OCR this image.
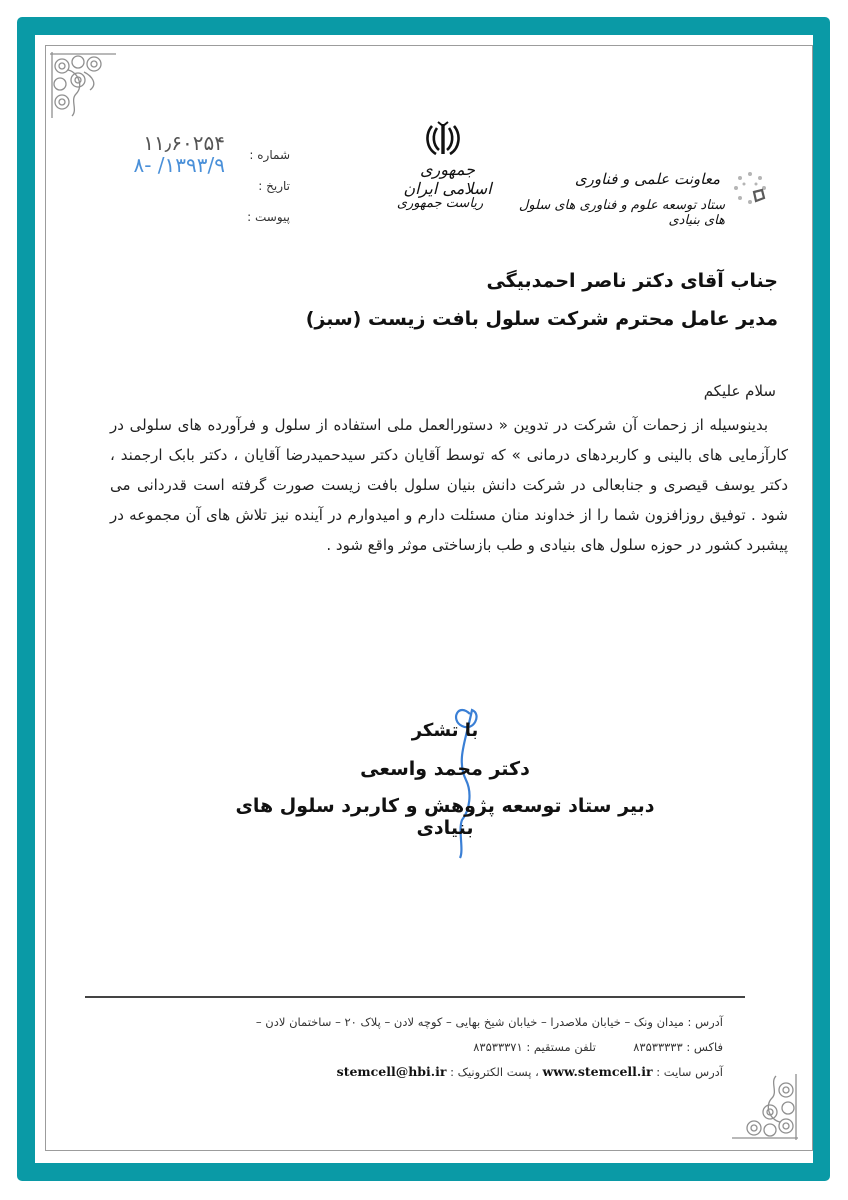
۱۱٫۶۰۲۵۴
۱۳۹۳/۹/ -۸	شماره :
تاریخ :
پیوست :
جمهوری اسلامی ایران
ریاست جمهوری
معاونت علمی و فناوری
ستاد توسعه علوم و فناوری های سلول های بنیادی
جناب آقای دکتر ناصر احمدبیگی
مدیر عامل محترم شرکت سلول بافت زیست (سبز)
سلام علیکم
بدینوسیله از زحمات آن شرکت در تدوین « دستورالعمل ملی استفاده از سلول و فرآورده های سلولی در کارآزمایی های بالینی و کاربردهای درمانی » که توسط آقایان دکتر سیدحمیدرضا آقایان ، دکتر بابک ارجمند ، دکتر یوسف قیصری و جنابعالی در شرکت دانش بنیان سلول بافت زیست صورت گرفته است قدردانی می شود . توفیق روزافزون شما را از خداوند منان مسئلت دارم و امیدوارم در آینده نیز تلاش های آن مجموعه در پیشبرد کشور در حوزه سلول های بنیادی و طب بازساختی موثر واقع شود .
با تشکر
دکتر محمد واسعی
دبیر ستاد توسعه پژوهش و کاربرد سلول های بنیادی
آدرس : میدان ونک – خیابان ملاصدرا – خیابان شیخ بهایی – کوچه لادن – پلاک ۲۰ – ساختمان لادن –
فاکس : ۸۳۵۳۳۳۳۳  تلفن مستقیم : ۸۳۵۳۳۳۷۱
آدرس سایت : www.stemcell.ir ، پست الکترونیک : stemcell@hbi.ir
